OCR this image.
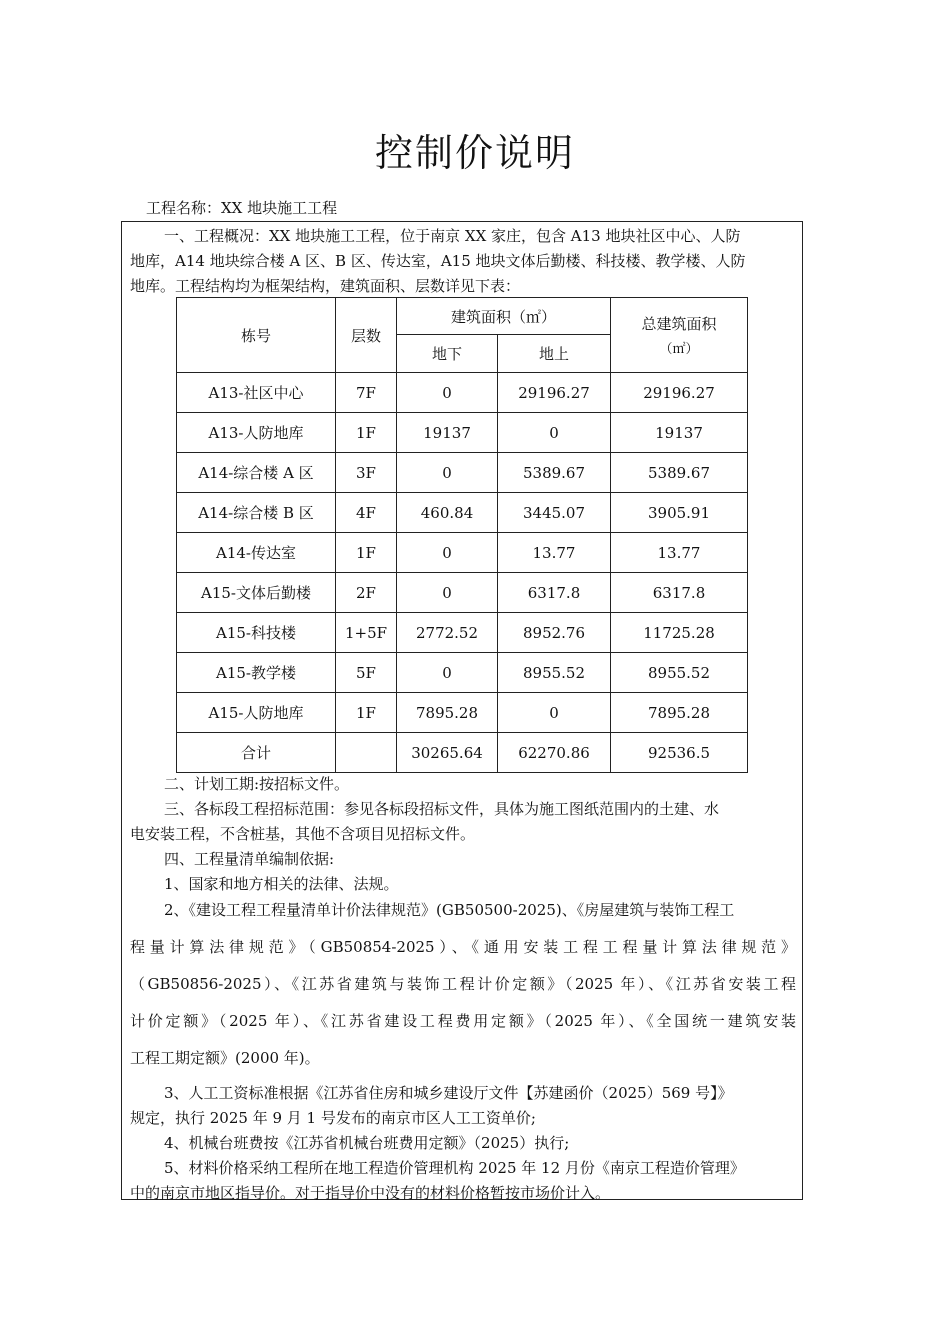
控制价说明
工程名称：XX 地块施工工程
一、工程概况：XX 地块施工工程，位于南京 XX 家庄，包含 A13 地块社区中心、人防
地库，A14 地块综合楼 A 区、B 区、传达室，A15 地块文体后勤楼、科技楼、教学楼、人防
地库。工程结构均为框架结构，建筑面积、层数详见下表：
栋号	层数	建筑面积（㎡）		总建筑面积
（㎡）

		地下	地上	
A13-社区中心	7F	0	29196.27	29196.27
A13-人防地库	1F	19137	0	19137
A14-综合楼 A 区	3F	0	5389.67	5389.67
A14-综合楼 B 区	4F	460.84	3445.07	3905.91
A14-传达室	1F	0	13.77	13.77
A15-文体后勤楼	2F	0	6317.8	6317.8
A15-科技楼	1+5F	2772.52	8952.76	11725.28
A15-教学楼	5F	0	8955.52	8955.52
A15-人防地库	1F	7895.28	0	7895.28
合计		30265.64	62270.86	92536.5
二、计划工期:按招标文件。
三、各标段工程招标范围：参见各标段招标文件，具体为施工图纸范围内的土建、水
电安装工程，不含桩基，其他不含项目见招标文件。
四、工程量清单编制依据:
1、国家和地方相关的法律、法规。
2、《建设工程工程量清单计价法律规范》(GB50500-2025)、《房屋建筑与装饰工程工
程量计算法律规范》（GB50854-2025）、《通用安装工程工程量计算法律规范》
（GB50856-2025）、《江苏省建筑与装饰工程计价定额》（2025 年）、《江苏省安装工程
计价定额》（2025 年）、《江苏省建设工程费用定额》（2025 年）、《全国统一建筑安装
工程工期定额》(2000 年)。
3、人工工资标准根据《江苏省住房和城乡建设厅文件【苏建函价（2025）569 号】》
规定，执行 2025 年 9 月 1 号发布的南京市区人工工资单价;
4、机械台班费按《江苏省机械台班费用定额》（2025）执行;
5、材料价格采纳工程所在地工程造价管理机构 2025 年 12 月份《南京工程造价管理》
中的南京市地区指导价。对于指导价中没有的材料价格暂按市场价计入。
